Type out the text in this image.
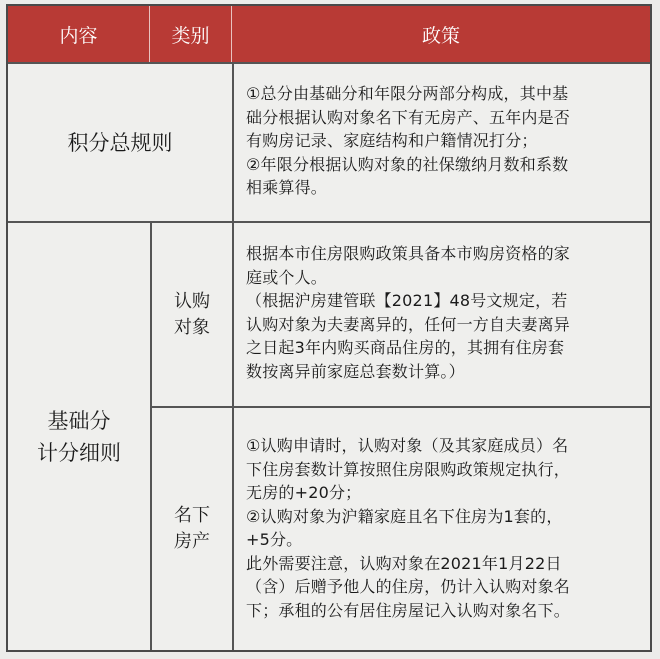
内容	类别	政策
积分总规则
①总分由基础分和年限分两部分构成，其中基
础分根据认购对象名下有无房产、五年内是否
有购房记录、家庭结构和户籍情况打分；
②年限分根据认购对象的社保缴纳月数和系数
相乘算得。
基础分
计分细则
认购
对象
根据本市住房限购政策具备本市购房资格的家
庭或个人。
（根据沪房建管联【2021】48号文规定，若
认购对象为夫妻离异的，任何一方自夫妻离异
之日起3年内购买商品住房的，其拥有住房套
数按离异前家庭总套数计算。）
名下
房产
①认购申请时，认购对象（及其家庭成员）名
下住房套数计算按照住房限购政策规定执行，
无房的+20分；
②认购对象为沪籍家庭且名下住房为1套的，
+5分。
此外需要注意，认购对象在2021年1月22日
（含）后赠予他人的住房，仍计入认购对象名
下；承租的公有居住房屋记入认购对象名下。
